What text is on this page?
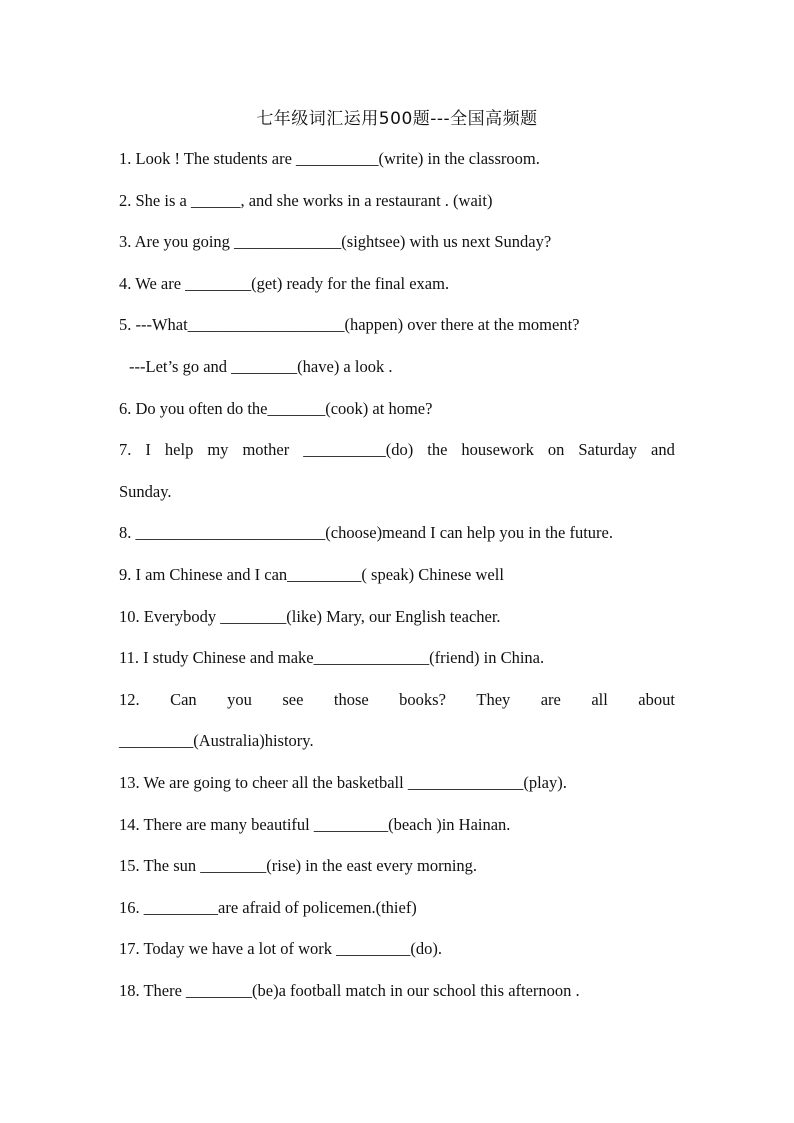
七年级词汇运用500题---全国高频题
1. Look ! The students are __________(write) in the classroom.
2. She is a ______, and she works in a restaurant . (wait)
3. Are you going _____________(sightsee) with us next Sunday?
4. We are ________(get) ready for the final exam.
5. ---What___________________(happen) over there at the moment?
---Let’s go and ________(have) a look .
6. Do you often do the_______(cook) at home?
7. I help my mother __________(do) the housework on Saturday and
Sunday.
8. _______________________(choose)meand I can help you in the future.
9. I am Chinese and I can_________( speak) Chinese well
10. Everybody ________(like) Mary, our English teacher.
11. I study Chinese and make______________(friend) in China.
12. Can you see those books? They are all about
_________(Australia)history.
13. We are going to cheer all the basketball ______________(play).
14. There are many beautiful _________(beach )in Hainan.
15. The sun ________(rise) in the east every morning.
16. _________are afraid of policemen.(thief)
17. Today we have a lot of work _________(do).
18. There ________(be)a football match in our school this afternoon .
